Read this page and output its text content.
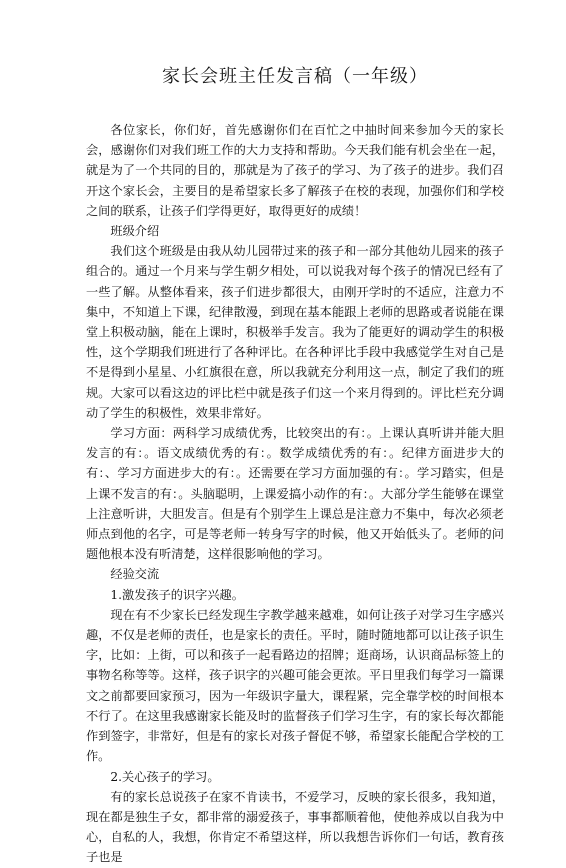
家长会班主任发言稿（一年级）

各位家长，你们好，首先感谢你们在百忙之中抽时间来参加今天的家长会，感谢你们对我们班工作的大力支持和帮助。今天我们能有机会坐在一起，就是为了一个共同的目的，那就是为了孩子的学习、为了孩子的进步。我们召开这个家长会，主要目的是希望家长多了解孩子在校的表现，加强你们和学校之间的联系，让孩子们学得更好，取得更好的成绩！

班级介绍

我们这个班级是由我从幼儿园带过来的孩子和一部分其他幼儿园来的孩子组合的。通过一个月来与学生朝夕相处，可以说我对每个孩子的情况已经有了一些了解。从整体看来，孩子们进步都很大，由刚开学时的不适应，注意力不集中，不知道上下课，纪律散漫，到现在基本能跟上老师的思路或者说能在课堂上积极动脑，能在上课时，积极举手发言。我为了能更好的调动学生的积极性，这个学期我们班进行了各种评比。在各种评比手段中我感觉学生对自己是不是得到小星星、小红旗很在意，所以我就充分利用这一点，制定了我们的班规。大家可以看这边的评比栏中就是孩子们这一个来月得到的。评比栏充分调动了学生的积极性，效果非常好。

学习方面：两科学习成绩优秀，比较突出的有：。上课认真听讲并能大胆发言的有：。语文成绩优秀的有：。数学成绩优秀的有：。纪律方面进步大的有：、学习方面进步大的有：。还需要在学习方面加强的有：。学习踏实，但是上课不发言的有：。头脑聪明，上课爱搞小动作的有：。大部分学生能够在课堂上注意听讲，大胆发言。但是有个别学生上课总是注意力不集中，每次必须老师点到他的名字，可是等老师一转身写字的时候，他又开始低头了。老师的问题他根本没有听清楚，这样很影响他的学习。

经验交流

1.激发孩子的识字兴趣。

现在有不少家长已经发现生字教学越来越难，如何让孩子对学习生字感兴趣，不仅是老师的责任，也是家长的责任。平时，随时随地都可以让孩子识生字，比如：上街，可以和孩子一起看路边的招牌；逛商场，认识商品标签上的事物名称等等。这样，孩子识字的兴趣可能会更浓。平日里我们每学习一篇课文之前都要回家预习，因为一年级识字量大，课程紧，完全靠学校的时间根本不行了。在这里我感谢家长能及时的监督孩子们学习生字，有的家长每次都能作到签字，非常好，但是有的家长对孩子督促不够，希望家长能配合学校的工作。

2.关心孩子的学习。

有的家长总说孩子在家不肯读书，不爱学习，反映的家长很多，我知道，现在都是独生子女，都非常的溺爱孩子，事事都顺着他，使他养成以自我为中心，自私的人，我想，你肯定不希望这样，所以我想告诉你们一句话，教育孩子也是
